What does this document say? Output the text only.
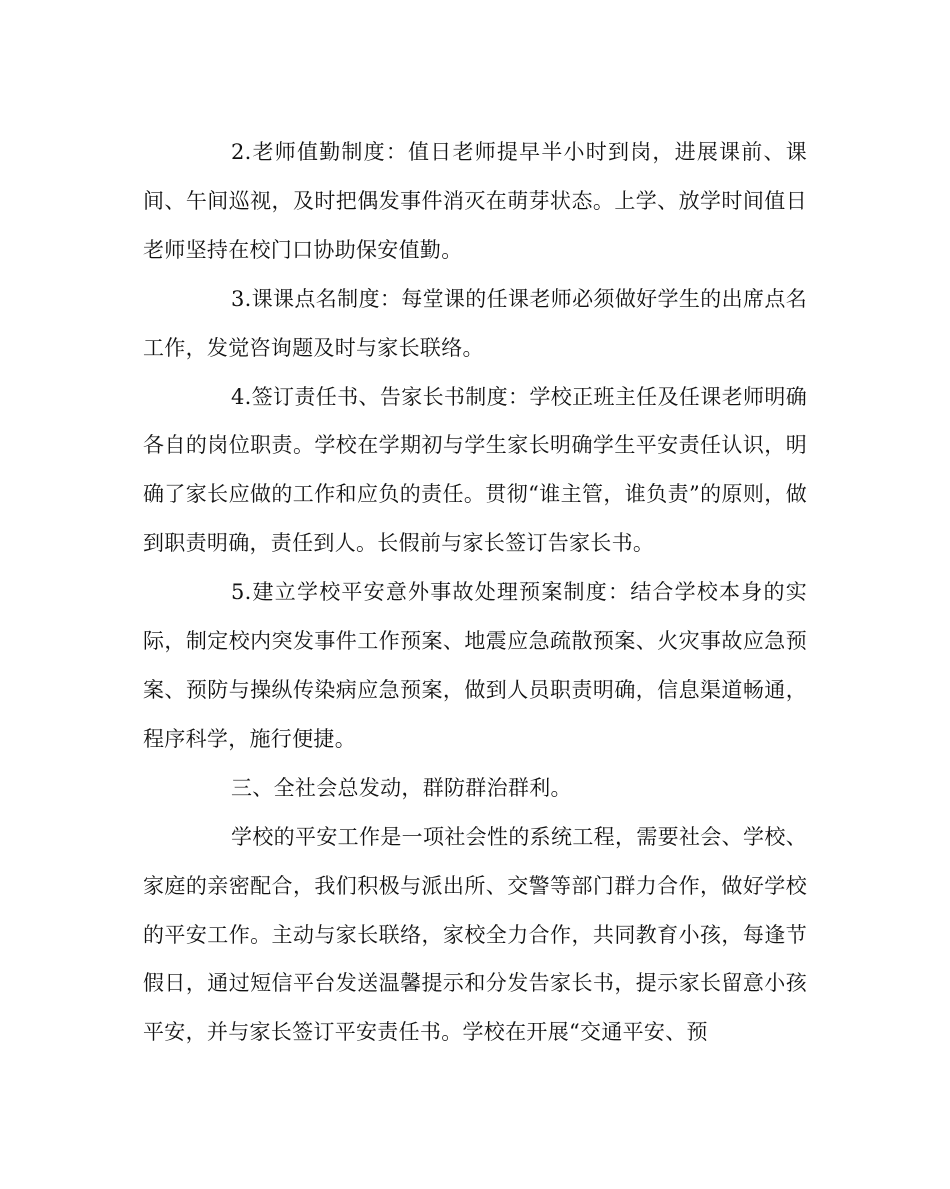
2.老师值勤制度：值日老师提早半小时到岗，进展课前、课间、午间巡视，及时把偶发事件消灭在萌芽状态。上学、放学时间值日老师坚持在校门口协助保安值勤。

3.课课点名制度：每堂课的任课老师必须做好学生的出席点名工作，发觉咨询题及时与家长联络。

4.签订责任书、告家长书制度：学校正班主任及任课老师明确各自的岗位职责。学校在学期初与学生家长明确学生平安责任认识，明确了家长应做的工作和应负的责任。贯彻“谁主管，谁负责”的原则，做到职责明确，责任到人。长假前与家长签订告家长书。

5.建立学校平安意外事故处理预案制度：结合学校本身的实际，制定校内突发事件工作预案、地震应急疏散预案、火灾事故应急预案、预防与操纵传染病应急预案，做到人员职责明确，信息渠道畅通，程序科学，施行便捷。

三、全社会总发动，群防群治群利。

学校的平安工作是一项社会性的系统工程，需要社会、学校、家庭的亲密配合，我们积极与派出所、交警等部门群力合作，做好学校的平安工作。主动与家长联络，家校全力合作，共同教育小孩，每逢节假日，通过短信平台发送温馨提示和分发告家长书，提示家长留意小孩平安，并与家长签订平安责任书。学校在开展“交通平安、预
